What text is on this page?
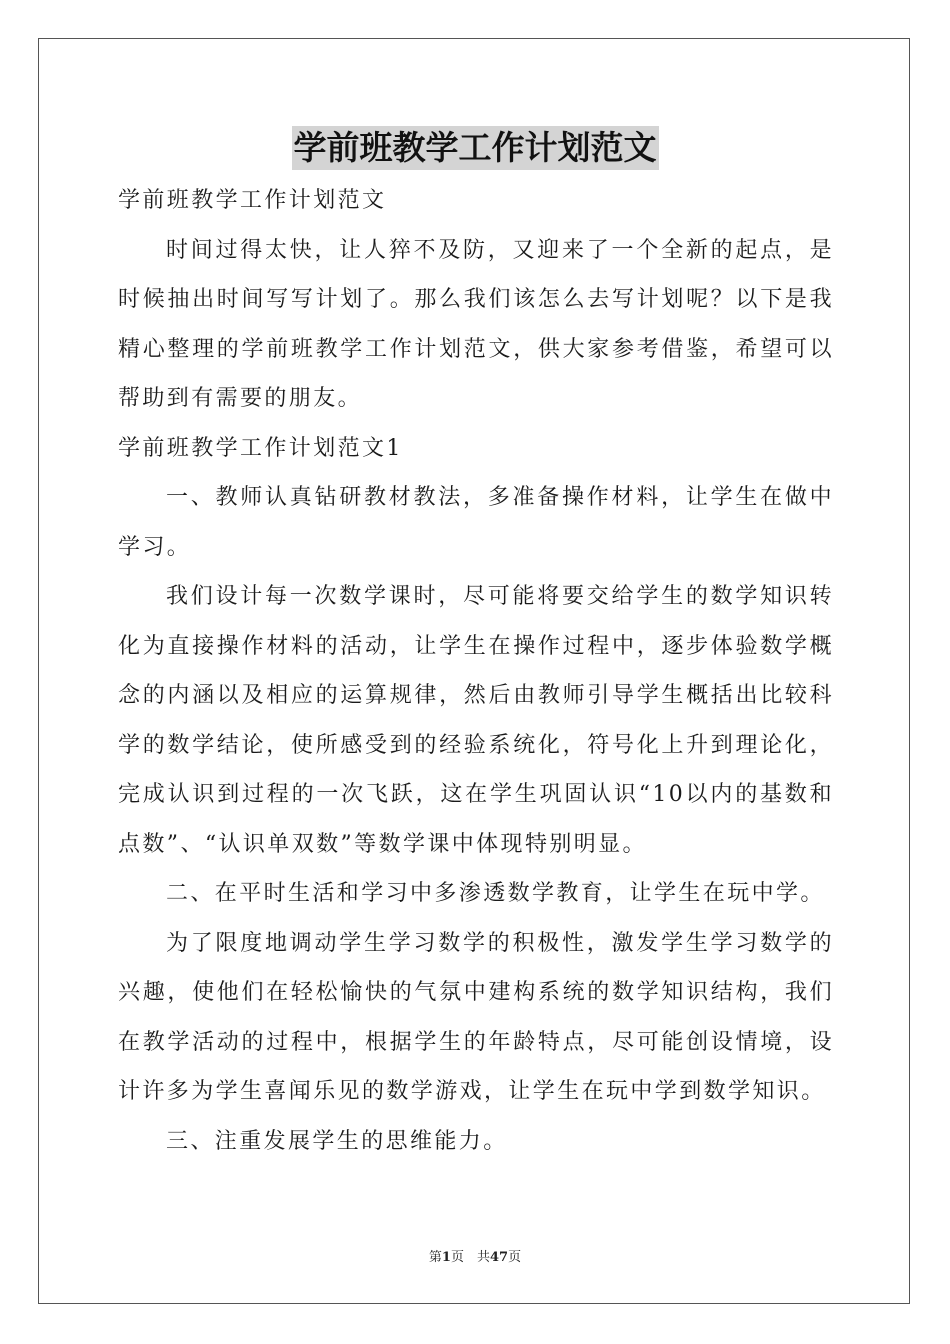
学前班教学工作计划范文

学前班教学工作计划范文

时间过得太快，让人猝不及防，又迎来了一个全新的起点，是时候抽出时间写写计划了。那么我们该怎么去写计划呢？以下是我精心整理的学前班教学工作计划范文，供大家参考借鉴，希望可以帮助到有需要的朋友。

学前班教学工作计划范文1

一、教师认真钻研教材教法，多准备操作材料，让学生在做中学习。

我们设计每一次数学课时，尽可能将要交给学生的数学知识转化为直接操作材料的活动，让学生在操作过程中，逐步体验数学概念的内涵以及相应的运算规律，然后由教师引导学生概括出比较科学的数学结论，使所感受到的经验系统化，符号化上升到理论化，完成认识到过程的一次飞跃，这在学生巩固认识“10以内的基数和点数”、“认识单双数”等数学课中体现特别明显。

二、在平时生活和学习中多渗透数学教育，让学生在玩中学。

为了限度地调动学生学习数学的积极性，激发学生学习数学的兴趣，使他们在轻松愉快的气氛中建构系统的数学知识结构，我们在教学活动的过程中，根据学生的年龄特点，尽可能创设情境，设计许多为学生喜闻乐见的数学游戏，让学生在玩中学到数学知识。

三、注重发展学生的思维能力。

第1页　共47页
